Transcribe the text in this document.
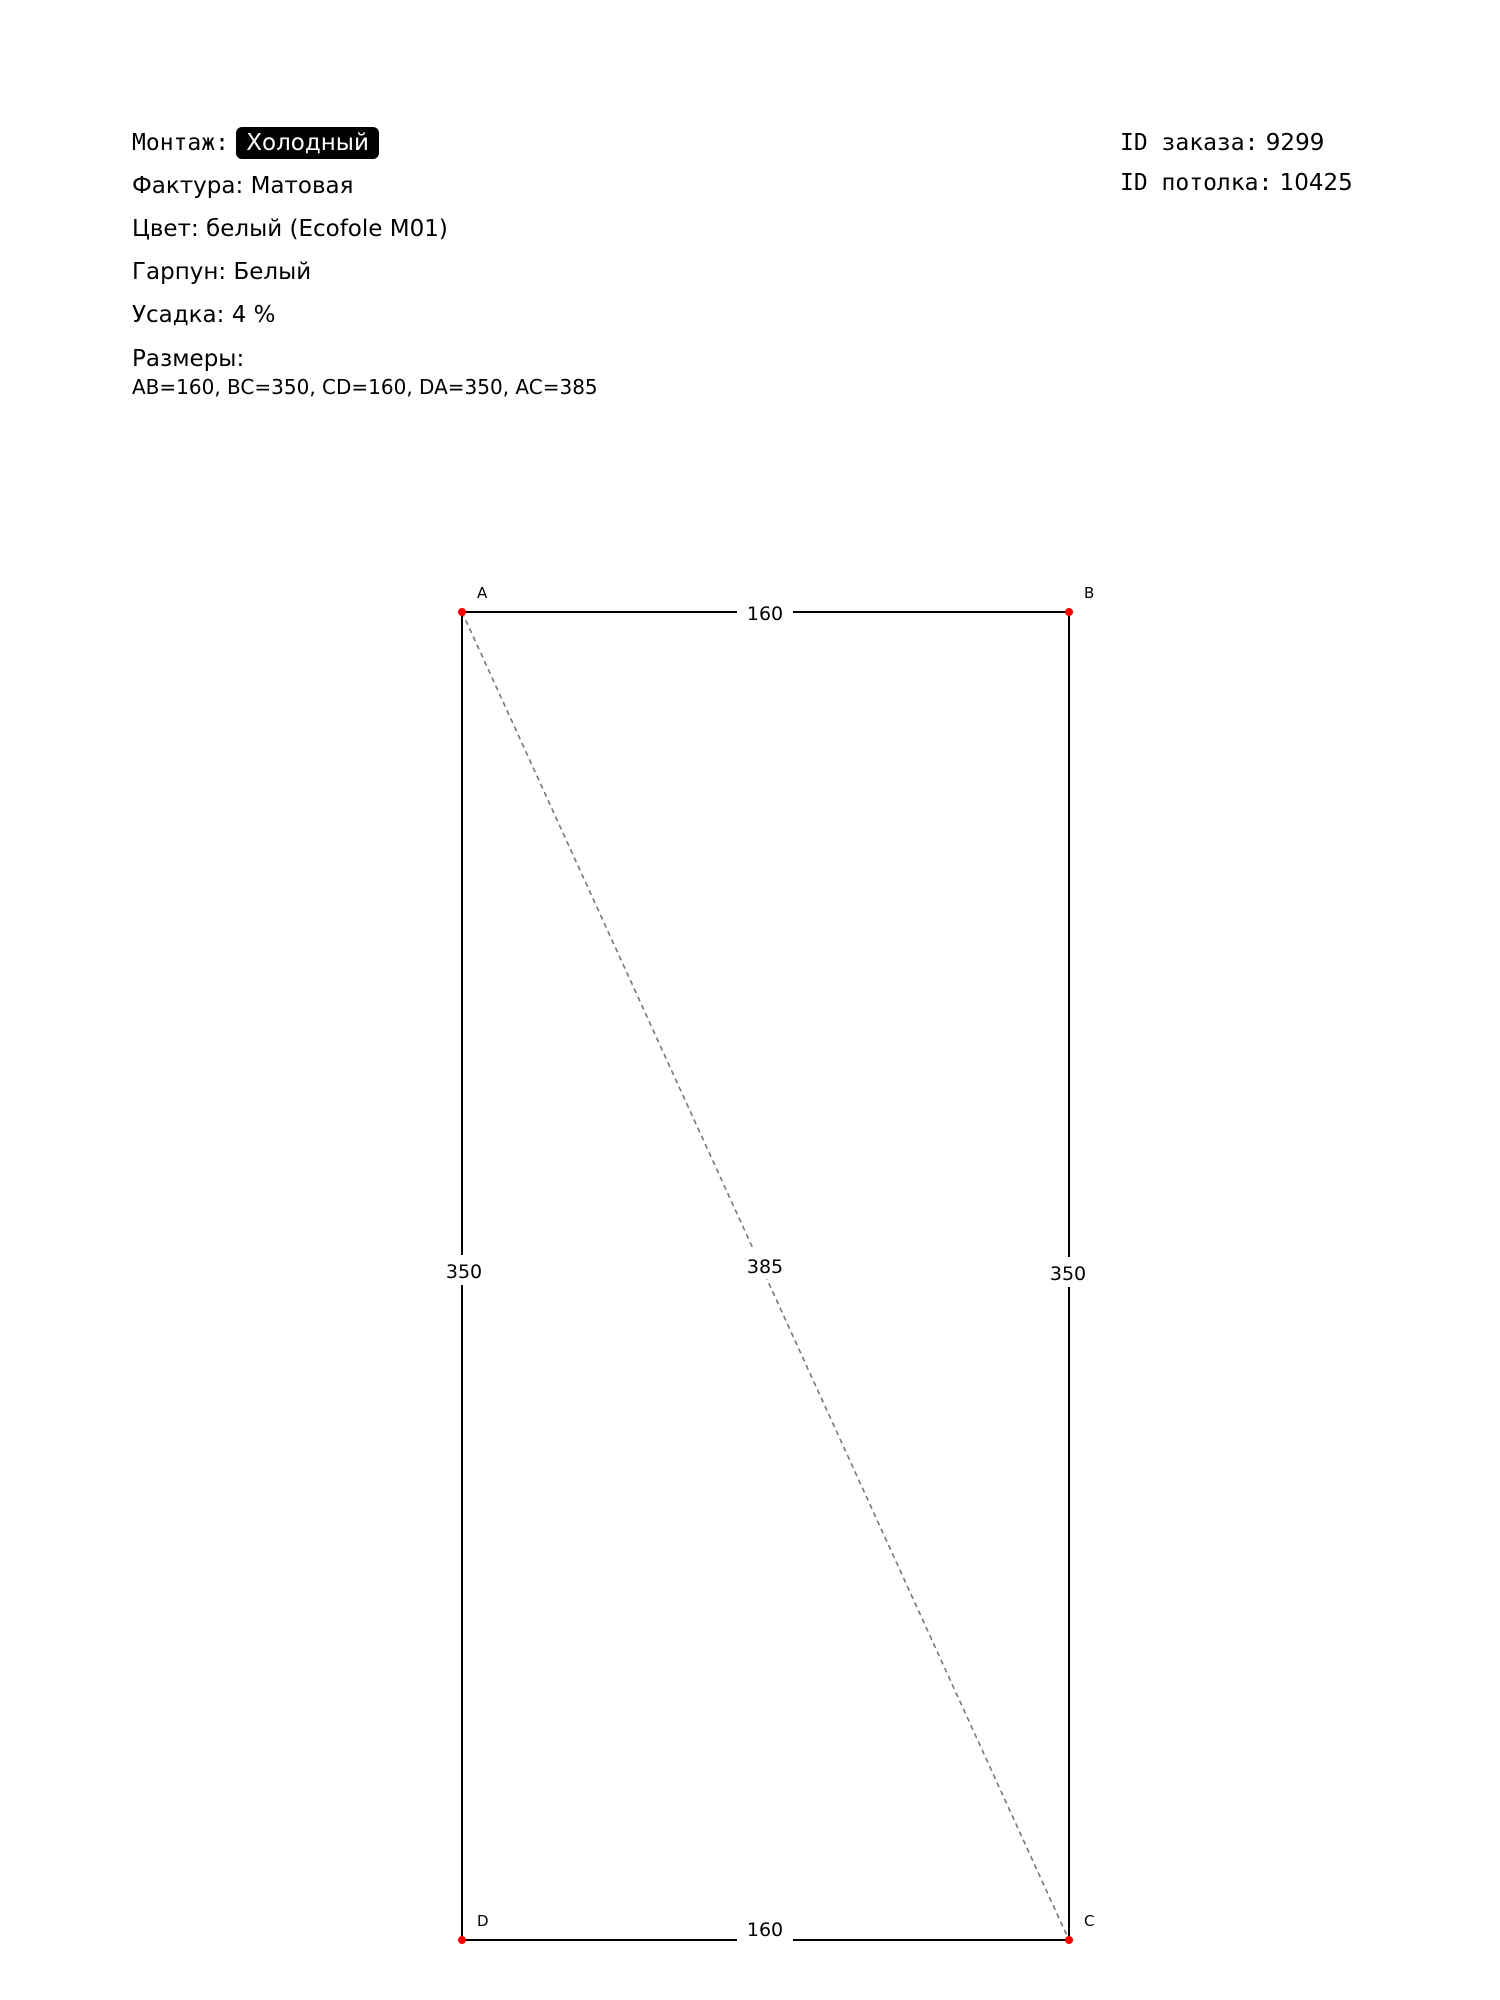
Монтаж: Холодный
Фактура: Матовая
Цвет: белый (Ecofole M01)
Гарпун: Белый
Усадка: 4 %
Размеры:
AB=160, BC=350, CD=160, DA=350, AC=385
ID заказа: 9299
ID потолка: 10425
160
350
160
350	385
A	B
C
D
